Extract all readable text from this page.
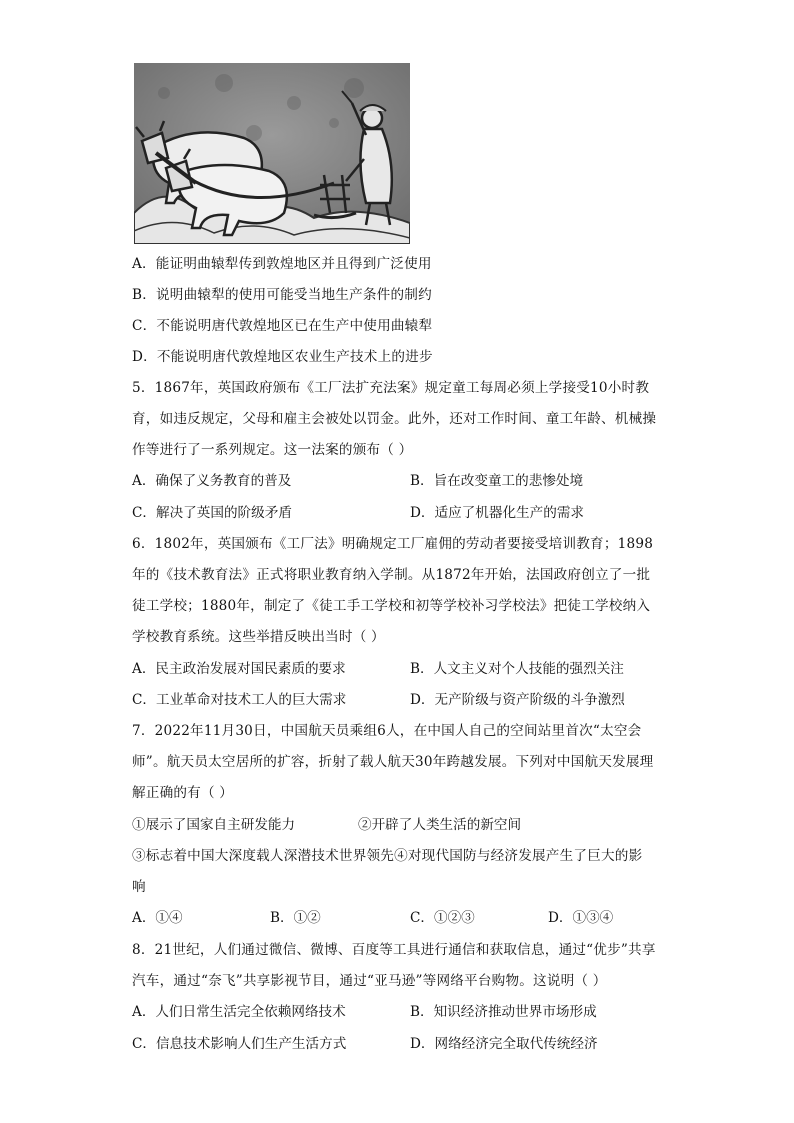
A．能证明曲辕犁传到敦煌地区并且得到广泛使用
B．说明曲辕犁的使用可能受当地生产条件的制约
C．不能说明唐代敦煌地区已在生产中使用曲辕犁
D．不能说明唐代敦煌地区农业生产技术上的进步
5．1867年，英国政府颁布《工厂法扩充法案》规定童工每周必须上学接受10小时教
育，如违反规定，父母和雇主会被处以罚金。此外，还对工作时间、童工年龄、机械操
作等进行了一系列规定。这一法案的颁布（ ）
A．确保了义务教育的普及	B．旨在改变童工的悲惨处境
C．解决了英国的阶级矛盾	D．适应了机器化生产的需求
6．1802年，英国颁布《工厂法》明确规定工厂雇佣的劳动者要接受培训教育；1898
年的《技术教育法》正式将职业教育纳入学制。从1872年开始，法国政府创立了一批
徒工学校；1880年，制定了《徒工手工学校和初等学校补习学校法》把徒工学校纳入
学校教育系统。这些举措反映出当时（ ）
A．民主政治发展对国民素质的要求	B．人文主义对个人技能的强烈关注
C．工业革命对技术工人的巨大需求	D．无产阶级与资产阶级的斗争激烈
7．2022年11月30日，中国航天员乘组6人，在中国人自己的空间站里首次“太空会
师”。航天员太空居所的扩容，折射了载人航天30年跨越发展。下列对中国航天发展理
解正确的有（ ）
①展示了国家自主研发能力	②开辟了人类生活的新空间
③标志着中国大深度载人深潜技术世界领先④对现代国防与经济发展产生了巨大的影
响
A．①④	B．①②	C．①②③	D．①③④
8．21世纪，人们通过微信、微博、百度等工具进行通信和获取信息，通过“优步”共享
汽车，通过“奈飞”共享影视节目，通过“亚马逊”等网络平台购物。这说明（ ）
A．人们日常生活完全依赖网络技术	B．知识经济推动世界市场形成
C．信息技术影响人们生产生活方式	D．网络经济完全取代传统经济
